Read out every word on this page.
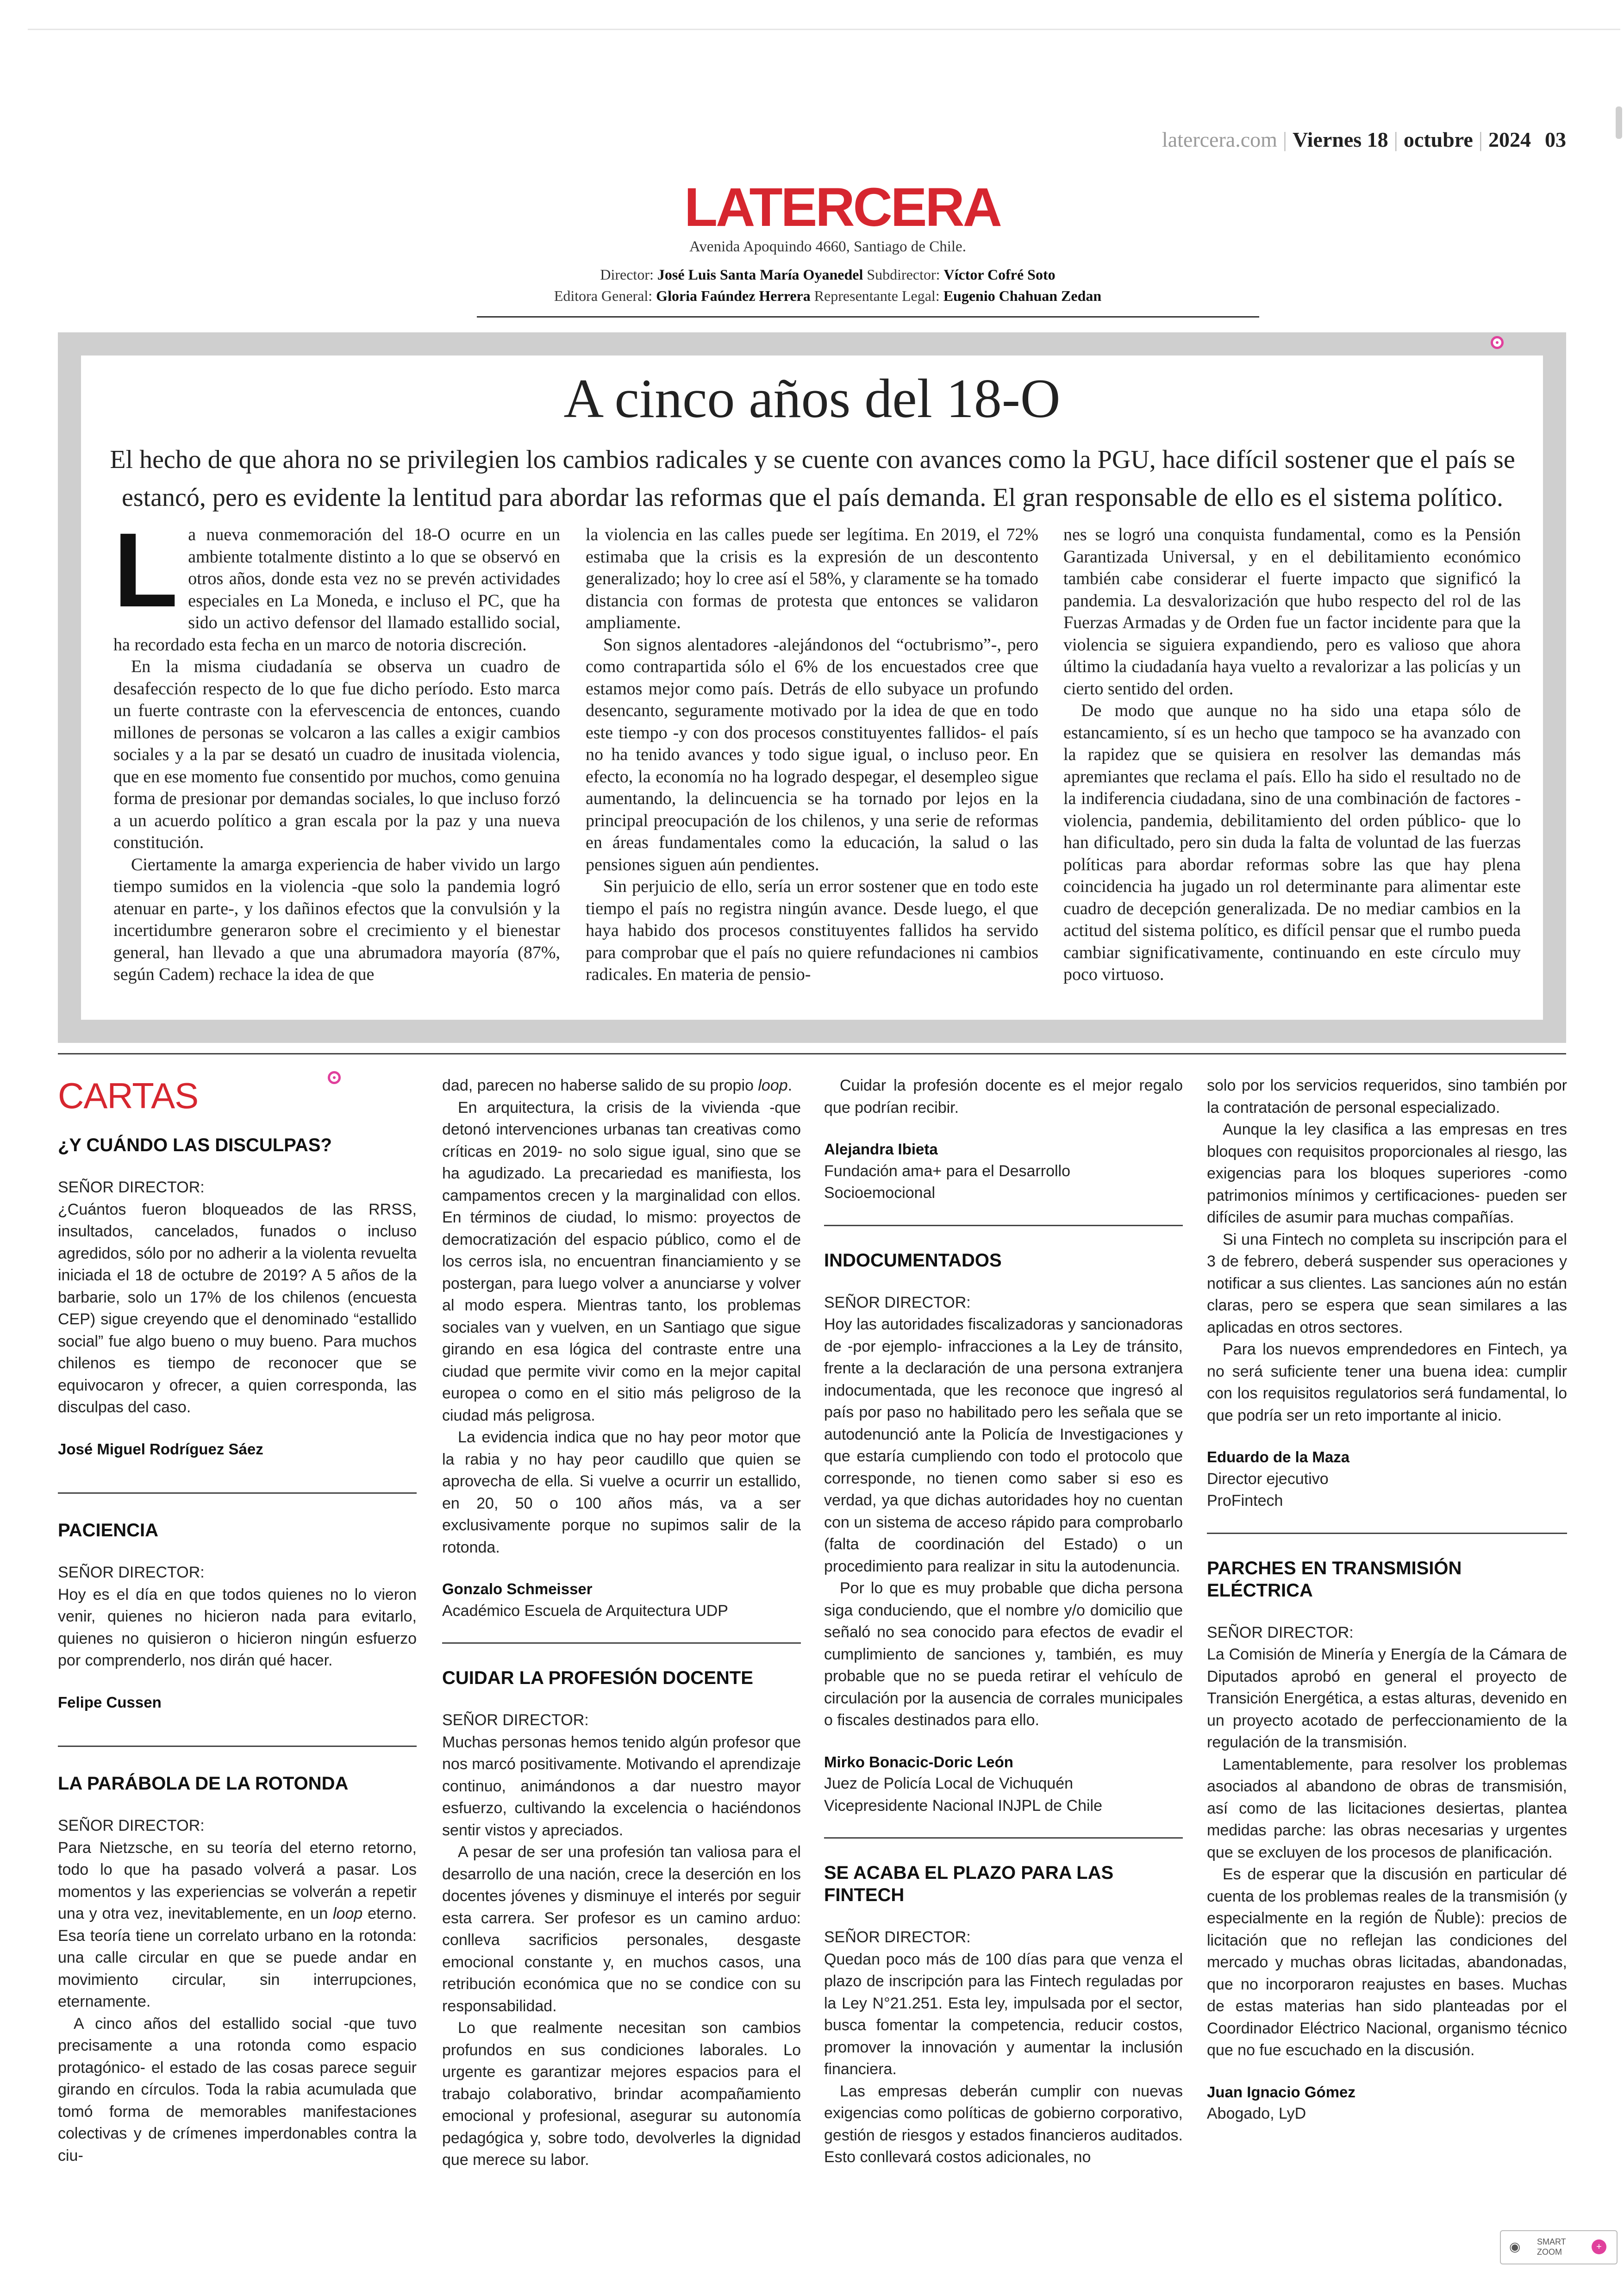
latercera.com | Viernes 18 | octubre | 2024 03
LATERCERA
Avenida Apoquindo 4660, Santiago de Chile.
Director: José Luis Santa María Oyanedel Subdirector: Víctor Cofré Soto
Editora General: Gloria Faúndez Herrera Representante Legal: Eugenio Chahuan Zedan
A cinco años del 18-O
El hecho de que ahora no se privilegien los cambios radicales y se cuente con avances como la PGU, hace difícil sostener que el país se estancó, pero es evidente la lentitud para abordar las reformas que el país demanda. El gran responsable de ello es el sistema político.

La nueva conmemoración del 18-O ocurre en un ambiente totalmente distinto a lo que se observó en otros años, donde esta vez no se prevén actividades especiales en La Moneda, e incluso el PC, que ha sido un activo defensor del llamado estallido social, ha recordado esta fecha en un marco de notoria discreción.

En la misma ciudadanía se observa un cuadro de desafección respecto de lo que fue dicho período. Esto marca un fuerte contraste con la efervescencia de entonces, cuando millones de personas se volcaron a las calles a exigir cambios sociales y a la par se desató un cuadro de inusitada violencia, que en ese momento fue consentido por muchos, como genuina forma de presionar por demandas sociales, lo que incluso forzó a un acuerdo político a gran escala por la paz y una nueva constitución.

Ciertamente la amarga experiencia de haber vivido un largo tiempo sumidos en la violencia -que solo la pandemia logró atenuar en parte-, y los dañinos efectos que la convulsión y la incertidumbre generaron sobre el crecimiento y el bienestar general, han llevado a que una abrumadora mayoría (87%, según Cadem) rechace la idea de que

la violencia en las calles puede ser legítima. En 2019, el 72% estimaba que la crisis es la expresión de un descontento generalizado; hoy lo cree así el 58%, y claramente se ha tomado distancia con formas de protesta que entonces se validaron ampliamente.

Son signos alentadores -alejándonos del “octubrismo”-, pero como contrapartida sólo el 6% de los encuestados cree que estamos mejor como país. Detrás de ello subyace un profundo desencanto, seguramente motivado por la idea de que en todo este tiempo -y con dos procesos constituyentes fallidos- el país no ha tenido avances y todo sigue igual, o incluso peor. En efecto, la economía no ha logrado despegar, el desempleo sigue aumentando, la delincuencia se ha tornado por lejos en la principal preocupación de los chilenos, y una serie de reformas en áreas fundamentales como la educación, la salud o las pensiones siguen aún pendientes.

Sin perjuicio de ello, sería un error sostener que en todo este tiempo el país no registra ningún avance. Desde luego, el que haya habido dos procesos constituyentes fallidos ha servido para comprobar que el país no quiere refundaciones ni cambios radicales. En materia de pensio-

nes se logró una conquista fundamental, como es la Pensión Garantizada Universal, y en el debilitamiento económico también cabe considerar el fuerte impacto que significó la pandemia. La desvalorización que hubo respecto del rol de las Fuerzas Armadas y de Orden fue un factor incidente para que la violencia se siguiera expandiendo, pero es valioso que ahora último la ciudadanía haya vuelto a revalorizar a las policías y un cierto sentido del orden.

De modo que aunque no ha sido una etapa sólo de estancamiento, sí es un hecho que tampoco se ha avanzado con la rapidez que se quisiera en resolver las demandas más apremiantes que reclama el país. Ello ha sido el resultado no de la indiferencia ciudadana, sino de una combinación de factores -violencia, pandemia, debilitamiento del orden público- que lo han dificultado, pero sin duda la falta de voluntad de las fuerzas políticas para abordar reformas sobre las que hay plena coincidencia ha jugado un rol determinante para alimentar este cuadro de decepción generalizada. De no mediar cambios en la actitud del sistema político, es difícil pensar que el rumbo pueda cambiar significativamente, continuando en este círculo muy poco virtuoso.

CARTAS
¿Y CUÁNDO LAS DISCULPAS?
SEÑOR DIRECTOR:

¿Cuántos fueron bloqueados de las RRSS, insultados, cancelados, funados o incluso agredidos, sólo por no adherir a la violenta revuelta iniciada el 18 de octubre de 2019? A 5 años de la barbarie, solo un 17% de los chilenos (encuesta CEP) sigue creyendo que el denominado “estallido social” fue algo bueno o muy bueno. Para muchos chilenos es tiempo de reconocer que se equivocaron y ofrecer, a quien corresponda, las disculpas del caso.

José Miguel Rodríguez Sáez
PACIENCIA
SEÑOR DIRECTOR:

Hoy es el día en que todos quienes no lo vieron venir, quienes no hicieron nada para evitarlo, quienes no quisieron o hicieron ningún esfuerzo por comprenderlo, nos dirán qué hacer.

Felipe Cussen
LA PARÁBOLA DE LA ROTONDA
SEÑOR DIRECTOR:

Para Nietzsche, en su teoría del eterno retorno, todo lo que ha pasado volverá a pasar. Los momentos y las experiencias se volverán a repetir una y otra vez, inevitablemente, en un loop eterno. Esa teoría tiene un correlato urbano en la rotonda: una calle circular en que se puede andar en movimiento circular, sin interrupciones, eternamente.

A cinco años del estallido social -que tuvo precisamente a una rotonda como espacio protagónico- el estado de las cosas parece seguir girando en círculos. Toda la rabia acumulada que tomó forma de memorables manifestaciones colectivas y de crímenes imperdonables contra la ciu-

dad, parecen no haberse salido de su propio loop.

En arquitectura, la crisis de la vivienda -que detonó intervenciones urbanas tan creativas como críticas en 2019- no solo sigue igual, sino que se ha agudizado. La precariedad es manifiesta, los campamentos crecen y la marginalidad con ellos. En términos de ciudad, lo mismo: proyectos de democratización del espacio público, como el de los cerros isla, no encuentran financiamiento y se postergan, para luego volver a anunciarse y volver al modo espera. Mientras tanto, los problemas sociales van y vuelven, en un Santiago que sigue girando en esa lógica del contraste entre una ciudad que permite vivir como en la mejor capital europea o como en el sitio más peligroso de la ciudad más peligrosa.

La evidencia indica que no hay peor motor que la rabia y no hay peor caudillo que quien se aprovecha de ella. Si vuelve a ocurrir un estallido, en 20, 50 o 100 años más, va a ser exclusivamente porque no supimos salir de la rotonda.

Gonzalo Schmeisser
Académico Escuela de Arquitectura UDP
CUIDAR LA PROFESIÓN DOCENTE
SEÑOR DIRECTOR:

Muchas personas hemos tenido algún profesor que nos marcó positivamente. Motivando el aprendizaje continuo, animándonos a dar nuestro mayor esfuerzo, cultivando la excelencia o haciéndonos sentir vistos y apreciados.

A pesar de ser una profesión tan valiosa para el desarrollo de una nación, crece la deserción en los docentes jóvenes y disminuye el interés por seguir esta carrera. Ser profesor es un camino arduo: conlleva sacrificios personales, desgaste emocional constante y, en muchos casos, una retribución económica que no se condice con su responsabilidad.

Lo que realmente necesitan son cambios profundos en sus condiciones laborales. Lo urgente es garantizar mejores espacios para el trabajo colaborativo, brindar acompañamiento emocional y profesional, asegurar su autonomía pedagógica y, sobre todo, devolverles la dignidad que merece su labor.

Cuidar la profesión docente es el mejor regalo que podrían recibir.

Alejandra Ibieta
Fundación ama+ para el Desarrollo Socioemocional
INDOCUMENTADOS
SEÑOR DIRECTOR:

Hoy las autoridades fiscalizadoras y sancionadoras de -por ejemplo- infracciones a la Ley de tránsito, frente a la declaración de una persona extranjera indocumentada, que les reconoce que ingresó al país por paso no habilitado pero les señala que se autodenunció ante la Policía de Investigaciones y que estaría cumpliendo con todo el protocolo que corresponde, no tienen como saber si eso es verdad, ya que dichas autoridades hoy no cuentan con un sistema de acceso rápido para comprobarlo (falta de coordinación del Estado) o un procedimiento para realizar in situ la autodenuncia.

Por lo que es muy probable que dicha persona siga conduciendo, que el nombre y/o domicilio que señaló no sea conocido para efectos de evadir el cumplimiento de sanciones y, también, es muy probable que no se pueda retirar el vehículo de circulación por la ausencia de corrales municipales o fiscales destinados para ello.

Mirko Bonacic-Doric León
Juez de Policía Local de Vichuquén
Vicepresidente Nacional INJPL de Chile
SE ACABA EL PLAZO PARA LAS FINTECH
SEÑOR DIRECTOR:

Quedan poco más de 100 días para que venza el plazo de inscripción para las Fintech reguladas por la Ley N°21.251. Esta ley, impulsada por el sector, busca fomentar la competencia, reducir costos, promover la innovación y aumentar la inclusión financiera.

Las empresas deberán cumplir con nuevas exigencias como políticas de gobierno corporativo, gestión de riesgos y estados financieros auditados. Esto conllevará costos adicionales, no

solo por los servicios requeridos, sino también por la contratación de personal especializado.

Aunque la ley clasifica a las empresas en tres bloques con requisitos proporcionales al riesgo, las exigencias para los bloques superiores -como patrimonios mínimos y certificaciones- pueden ser difíciles de asumir para muchas compañías.

Si una Fintech no completa su inscripción para el 3 de febrero, deberá suspender sus operaciones y notificar a sus clientes. Las sanciones aún no están claras, pero se espera que sean similares a las aplicadas en otros sectores.

Para los nuevos emprendedores en Fintech, ya no será suficiente tener una buena idea: cumplir con los requisitos regulatorios será fundamental, lo que podría ser un reto importante al inicio.

Eduardo de la Maza
Director ejecutivo
ProFintech
PARCHES EN TRANSMISIÓN ELÉCTRICA
SEÑOR DIRECTOR:

La Comisión de Minería y Energía de la Cámara de Diputados aprobó en general el proyecto de Transición Energética, a estas alturas, devenido en un proyecto acotado de perfeccionamiento de la regulación de la transmisión.

Lamentablemente, para resolver los problemas asociados al abandono de obras de transmisión, así como de las licitaciones desiertas, plantea medidas parche: las obras necesarias y urgentes que se excluyen de los procesos de planificación.

Es de esperar que la discusión en particular dé cuenta de los problemas reales de la transmisión (y especialmente en la región de Ñuble): precios de licitación que no reflejan las condiciones del mercado y muchas obras licitadas, abandonadas, que no incorporaron reajustes en bases. Muchas de estas materias han sido planteadas por el Coordinador Eléctrico Nacional, organismo técnico que no fue escuchado en la discusión.

Juan Ignacio Gómez
Abogado, LyD
◉ SMART
ZOOM	+
